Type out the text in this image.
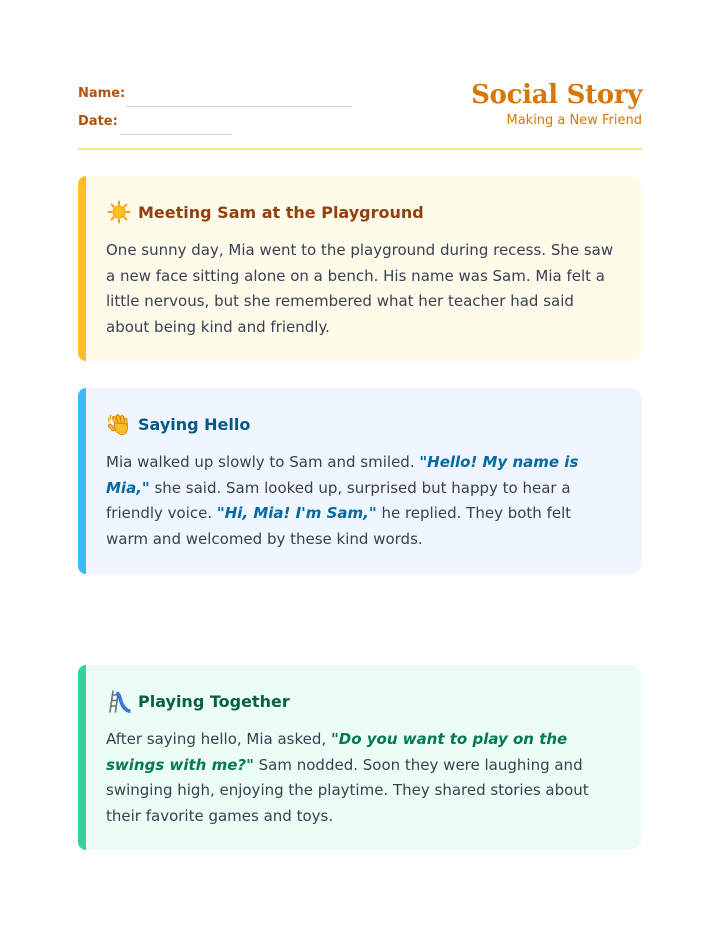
Name:
Date:
Social Story
Making a New Friend
Meeting Sam at the Playground
One sunny day, Mia went to the playground during recess. She saw a new face sitting alone on a bench. His name was Sam. Mia felt a little nervous, but she remembered what her teacher had said about being kind and friendly.
Saying Hello
Mia walked up slowly to Sam and smiled. "Hello! My name is Mia," she said. Sam looked up, surprised but happy to hear a friendly voice. "Hi, Mia! I'm Sam," he replied. They both felt warm and welcomed by these kind words.
Playing Together
After saying hello, Mia asked, "Do you want to play on the swings with me?" Sam nodded. Soon they were laughing and swinging high, enjoying the playtime. They shared stories about their favorite games and toys.
